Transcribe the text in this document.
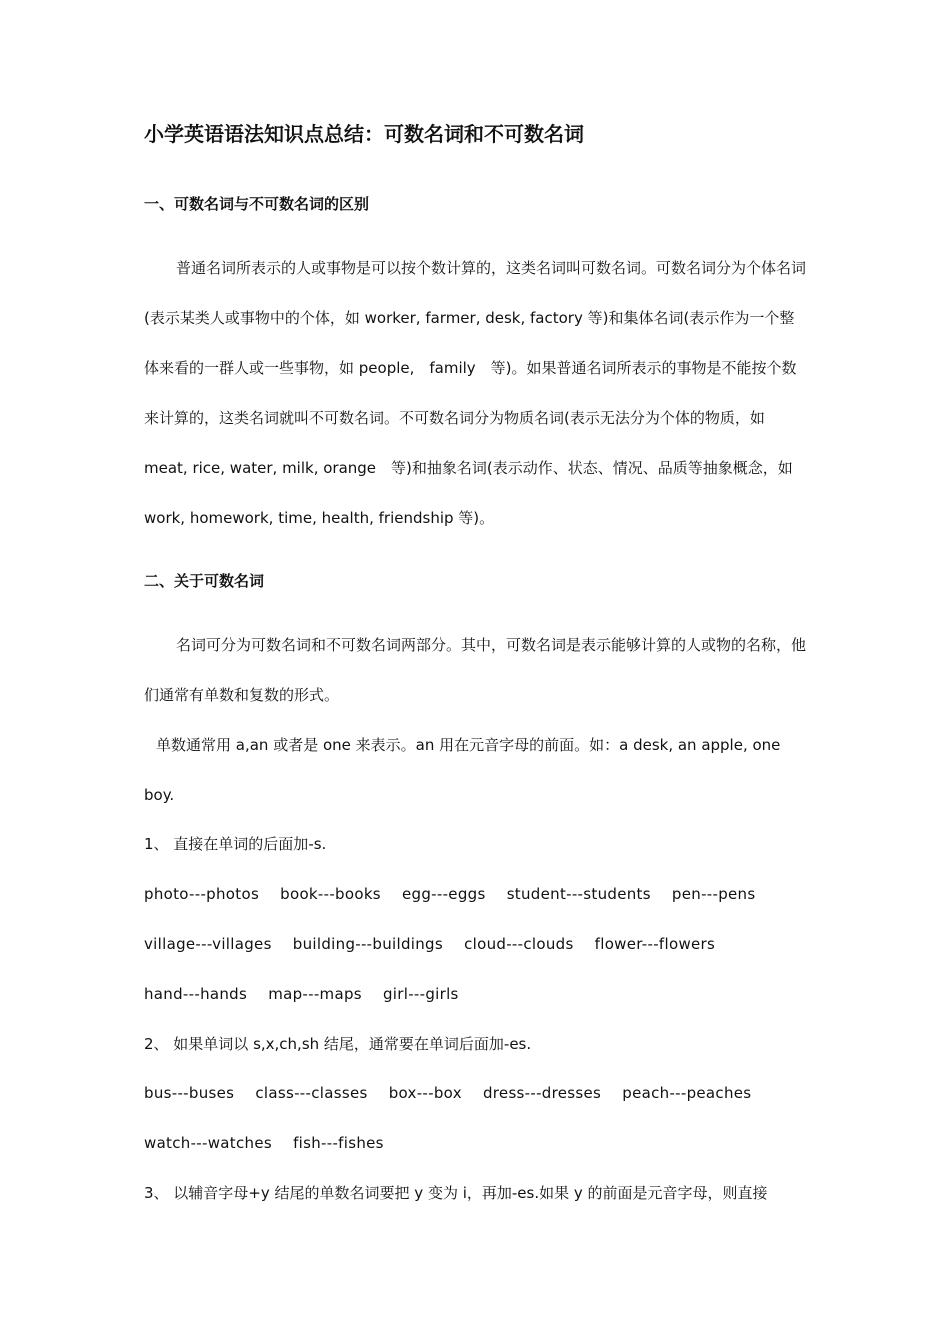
小学英语语法知识点总结：可数名词和不可数名词
一、可数名词与不可数名词的区别

普通名词所表示的人或事物是可以按个数计算的，这类名词叫可数名词。可数名词分为个体名词(表示某类人或事物中的个体，如 worker, farmer, desk, factory 等)和集体名词(表示作为一个整体来看的一群人或一些事物，如 people,　family　等)。如果普通名词所表示的事物是不能按个数来计算的，这类名词就叫不可数名词。不可数名词分为物质名词(表示无法分为个体的物质，如 meat, rice, water, milk, orange　等)和抽象名词(表示动作、状态、情况、品质等抽象概念，如 work, homework, time, health, friendship 等)。

二、关于可数名词

名词可分为可数名词和不可数名词两部分。其中，可数名词是表示能够计算的人或物的名称，他们通常有单数和复数的形式。

单数通常用 a,an 或者是 one 来表示。an 用在元音字母的前面。如：a desk, an apple, one boy.

1、 直接在单词的后面加-s.
photo---photos book---books egg---eggs student---students pen---pens
village---villages building---buildings cloud---clouds flower---flowers
hand---hands map---maps girl---girls
2、 如果单词以 s,x,ch,sh 结尾，通常要在单词后面加-es.
bus---buses class---classes box---box dress---dresses peach---peaches
watch---watches fish---fishes
3、 以辅音字母+y 结尾的单数名词要把 y 变为 i，再加-es.如果 y 的前面是元音字母，则直接
